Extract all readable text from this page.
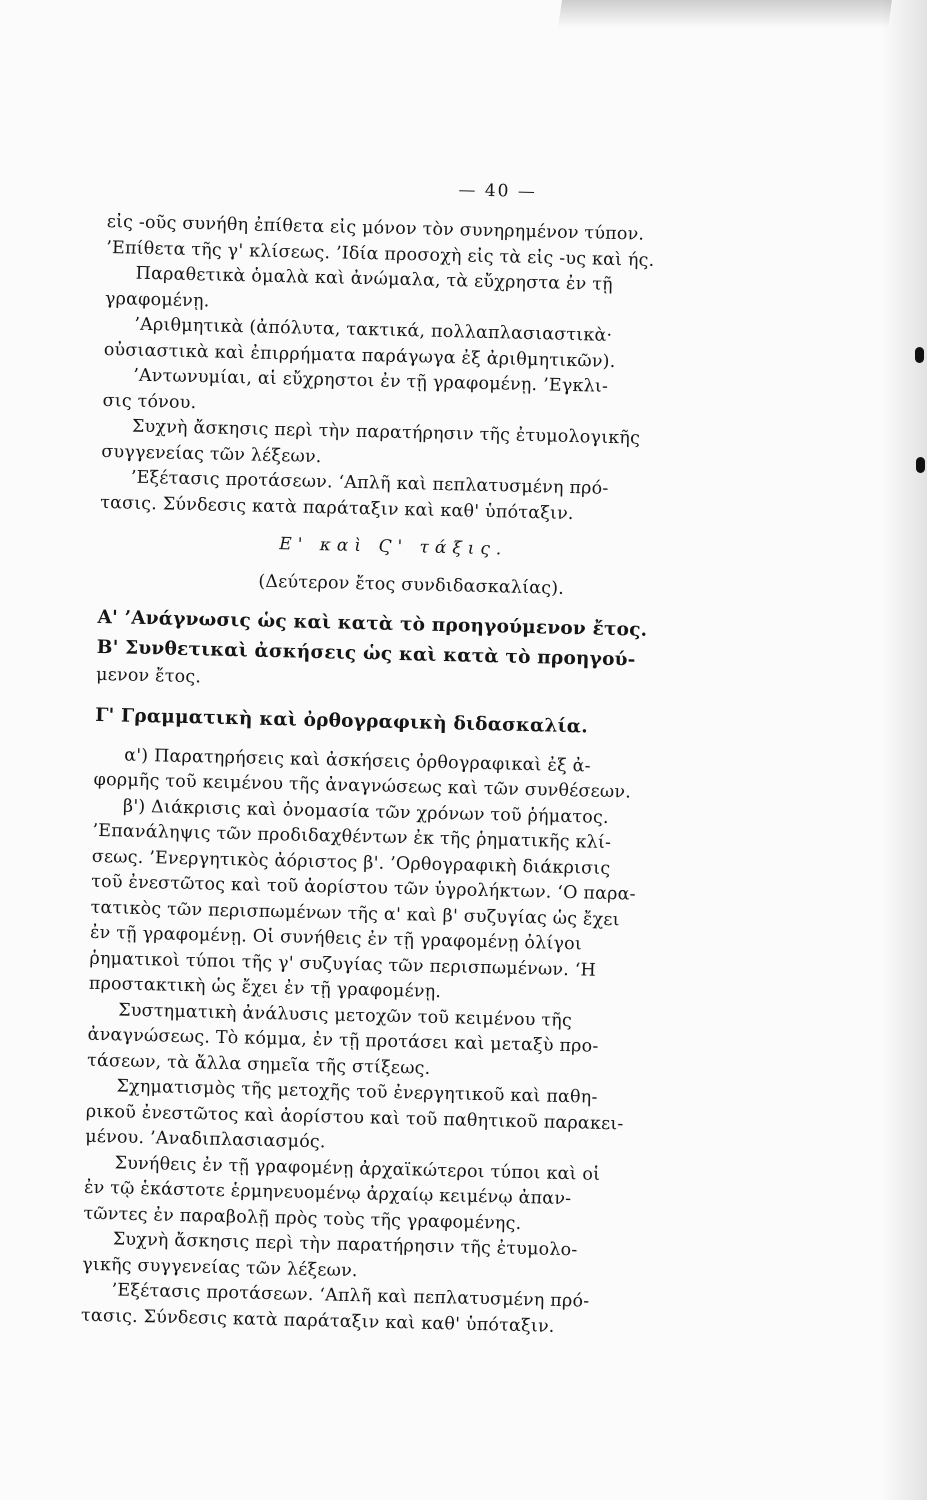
— 40 —
εἰς -οῦς συνήθη ἐπίθετα εἰς μόνον τὸν συνηρημένον τύπον.
’Επίθετα τῆς γ' κλίσεως. ’Ιδία προσοχὴ εἰς τὰ εἰς -υς καὶ ής.
Παραθετικὰ ὁμαλὰ καὶ ἀνώμαλα, τὰ εὔχρηστα ἐν τῇ
γραφομένῃ.
’Αριθμητικὰ (ἀπόλυτα, τακτικά, πολλαπλασιαστικὰ·
οὐσιαστικὰ καὶ ἐπιρρήματα παράγωγα ἐξ ἀριθμητικῶν).
’Αντωνυμίαι, αἱ εὔχρηστοι ἐν τῇ γραφομένῃ. ’Εγκλι-
σις τόνου.
Συχνὴ ἄσκησις περὶ τὴν παρατήρησιν τῆς ἐτυμολογικῆς
συγγενείας τῶν λέξεων.
’Εξέτασις προτάσεων. ‘Απλῆ καὶ πεπλατυσμένη πρό-
τασις. Σύνδεσις κατὰ παράταξιν καὶ καθ' ὑπόταξιν.
Ε' καὶ Ϛ' τάξις.
(Δεύτερον ἔτος συνδιδασκαλίας).
Α' ’Ανάγνωσις ὡς καὶ κατὰ τὸ προηγούμενον ἔτος.
Β' Συνθετικαὶ ἀσκήσεις ὡς καὶ κατὰ τὸ προηγού-
μενον ἔτος.
Γ' Γραμματικὴ καὶ ὀρθογραφικὴ διδασκαλία.
α') Παρατηρήσεις καὶ ἀσκήσεις ὀρθογραφικαὶ ἐξ ἀ-
φορμῆς τοῦ κειμένου τῆς ἀναγνώσεως καὶ τῶν συνθέσεων.
β') Διάκρισις καὶ ὀνομασία τῶν χρόνων τοῦ ῥήματος.
’Επανάληψις τῶν προδιδαχθέντων ἐκ τῆς ῥηματικῆς κλί-
σεως. ’Ενεργητικὸς ἀόριστος β'. ’Ορθογραφικὴ διάκρισις
τοῦ ἐνεστῶτος καὶ τοῦ ἀορίστου τῶν ὑγρολήκτων. ‘Ο παρα-
τατικὸς τῶν περισπωμένων τῆς α' καὶ β' συζυγίας ὡς ἔχει
ἐν τῇ γραφομένῃ. Οἱ συνήθεις ἐν τῇ γραφομένῃ ὀλίγοι
ῥηματικοὶ τύποι τῆς γ' συζυγίας τῶν περισπωμένων. ‘Η
προστακτικὴ ὡς ἔχει ἐν τῇ γραφομένῃ.
Συστηματικὴ ἀνάλυσις μετοχῶν τοῦ κειμένου τῆς
ἀναγνώσεως. Τὸ κόμμα, ἐν τῇ προτάσει καὶ μεταξὺ προ-
τάσεων, τὰ ἄλλα σημεῖα τῆς στίξεως.
Σχηματισμὸς τῆς μετοχῆς τοῦ ἐνεργητικοῦ καὶ παθη-
ρικοῦ ἐνεστῶτος καὶ ἀορίστου καὶ τοῦ παθητικοῦ παρακει-
μένου. ’Αναδιπλασιασμός.
Συνήθεις ἐν τῇ γραφομένῃ ἀρχαϊκώτεροι τύποι καὶ οἱ
ἐν τῷ ἑκάστοτε ἑρμηνευομένῳ ἀρχαίῳ κειμένῳ ἀπαν-
τῶντες ἐν παραβολῇ πρὸς τοὺς τῆς γραφομένης.
Συχνὴ ἄσκησις περὶ τὴν παρατήρησιν τῆς ἐτυμολο-
γικῆς συγγενείας τῶν λέξεων.
’Εξέτασις προτάσεων. ‘Απλῆ καὶ πεπλατυσμένη πρό-
τασις. Σύνδεσις κατὰ παράταξιν καὶ καθ' ὑπόταξιν.
